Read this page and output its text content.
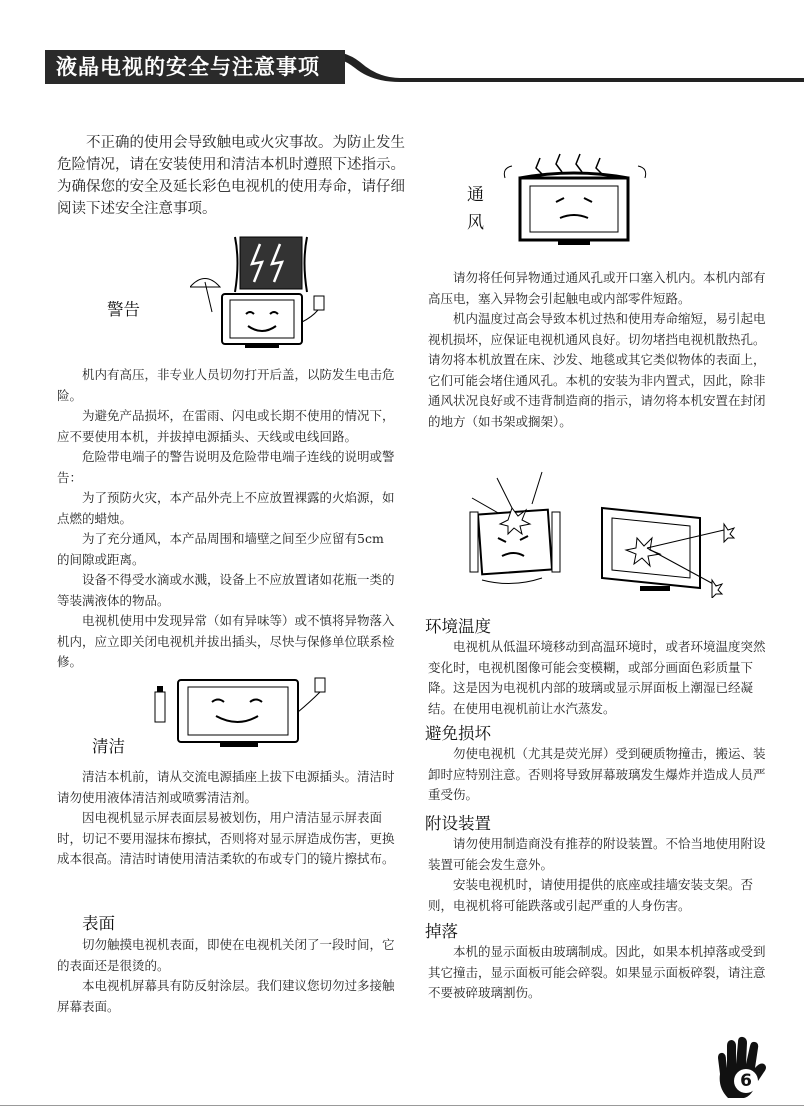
液晶电视的安全与注意事项

不正确的使用会导致触电或火灾事故。为防止发生危险情况，请在安装使用和清洁本机时遵照下述指示。为确保您的安全及延长彩色电视机的使用寿命，请仔细阅读下述安全注意事项。

警告

机内有高压，非专业人员切勿打开后盖，以防发生电击危险。

为避免产品损坏，在雷雨、闪电或长期不使用的情况下，应不要使用本机，并拔掉电源插头、天线或电线回路。

危险带电端子的警告说明及危险带电端子连线的说明或警告：

为了预防火灾，本产品外壳上不应放置裸露的火焰源，如点燃的蜡烛。

为了充分通风，本产品周围和墙壁之间至少应留有5cm的间隙或距离。

设备不得受水滴或水溅，设备上不应放置诸如花瓶一类的等装满液体的物品。

电视机使用中发现异常（如有异味等）或不慎将异物落入机内，应立即关闭电视机并拔出插头，尽快与保修单位联系检修。

清洁

清洁本机前，请从交流电源插座上拔下电源插头。清洁时请勿使用液体清洁剂或喷雾清洁剂。

因电视机显示屏表面层易被划伤，用户清洁显示屏表面时，切记不要用湿抹布擦拭，否则将对显示屏造成伤害，更换成本很高。清洁时请使用清洁柔软的布或专门的镜片擦拭布。

表面

切勿触摸电视机表面，即使在电视机关闭了一段时间，它的表面还是很烫的。

本电视机屏幕具有防反射涂层。我们建议您切勿过多接触屏幕表面。

通
风

请勿将任何异物通过通风孔或开口塞入机内。本机内部有高压电，塞入异物会引起触电或内部零件短路。

机内温度过高会导致本机过热和使用寿命缩短，易引起电视机损坏，应保证电视机通风良好。切勿堵挡电视机散热孔。请勿将本机放置在床、沙发、地毯或其它类似物体的表面上，它们可能会堵住通风孔。本机的安装为非内置式，因此，除非通风状况良好或不违背制造商的指示，请勿将本机安置在封闭的地方（如书架或搁架）。

环境温度

电视机从低温环境移动到高温环境时，或者环境温度突然变化时，电视机图像可能会变模糊，或部分画面色彩质量下降。这是因为电视机内部的玻璃或显示屏面板上潮湿已经凝结。在使用电视机前让水汽蒸发。

避免损坏

勿使电视机（尤其是荧光屏）受到硬质物撞击，搬运、装卸时应特别注意。否则将导致屏幕玻璃发生爆炸并造成人员严重受伤。

附设装置

请勿使用制造商没有推荐的附设装置。不恰当地使用附设装置可能会发生意外。

安装电视机时，请使用提供的底座或挂墙安装支架。否则，电视机将可能跌落或引起严重的人身伤害。

掉落

本机的显示面板由玻璃制成。因此，如果本机掉落或受到其它撞击，显示面板可能会碎裂。如果显示面板碎裂，请注意不要被碎玻璃割伤。

6
